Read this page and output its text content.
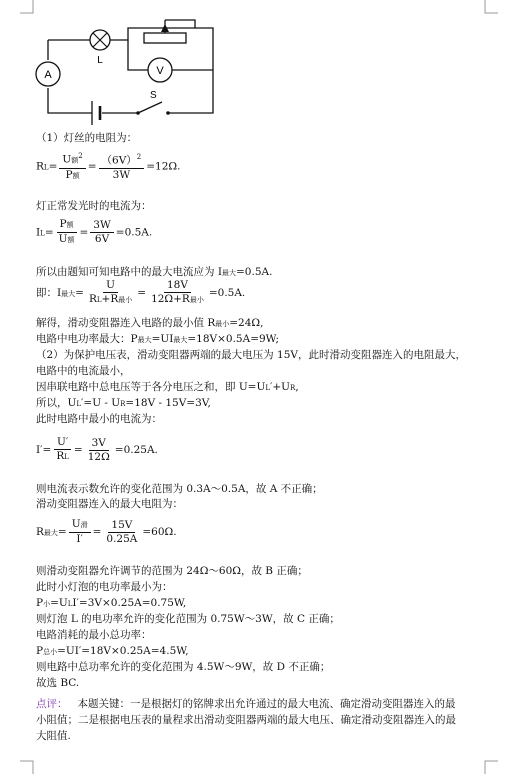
A
L
V
S
（1）灯丝的电阻为：
$RL= \frac{U额^2}{\text{P额}} = \frac{(6V)^2}{3W} =12\Omega$.
灯正常发光时的电流为：
$IL= \frac{\text{P额}}{\text{U额}} = \frac{3W}{6V} =0.5A$.
所以由题知可知电路中的最大电流应为 I最大=0.5A.
即：I最大= $\frac{U}{\text{RL+R最小}} = \frac{18V}{\text{12Ω+R最小}} =0.5A$.
解得，滑动变阻器连入电路的最小值 R最小=24Ω,
电路中电功率最大：P最大=UI最大=18V×0.5A=9W;
（2）为保护电压表，滑动变阻器两端的最大电压为 15V，此时滑动变阻器连入的电阻最大，
电路中的电流最小，
因串联电路中总电压等于各分电压之和，即 U=UL′+UR,
所以，UL′=U - UR=18V - 15V=3V,
此时电路中最小的电流为：
$I'= \frac{U'}{RL} = \frac{3V}{12\Omega} =0.25A$.
则电流表示数允许的变化范围为 0.3A～0.5A，故 A 不正确；
滑动变阻器连入的最大电阻为：
R最大= $\frac{\text{U滑}}{I'} = \frac{15V}{0.25A} =60\Omega$.
则滑动变阻器允许调节的范围为 24Ω～60Ω，故 B 正确；
此时小灯泡的电功率最小为：
P小=ULI′=3V×0.25A=0.75W,
则灯泡 L 的电功率允许的变化范围为 0.75W～3W，故 C 正确；
电路消耗的最小总功率：
P总小=UI′=18V×0.25A=4.5W,
则电路中总功率允许的变化范围为 4.5W～9W，故 D 不正确；
故选 BC.
点评： 本题关键：一是根据灯的铭牌求出允许通过的最大电流、确定滑动变阻器连入的最
小阻值；二是根据电压表的量程求出滑动变阻器两端的最大电压、确定滑动变阻器连入的最
大阻值.
